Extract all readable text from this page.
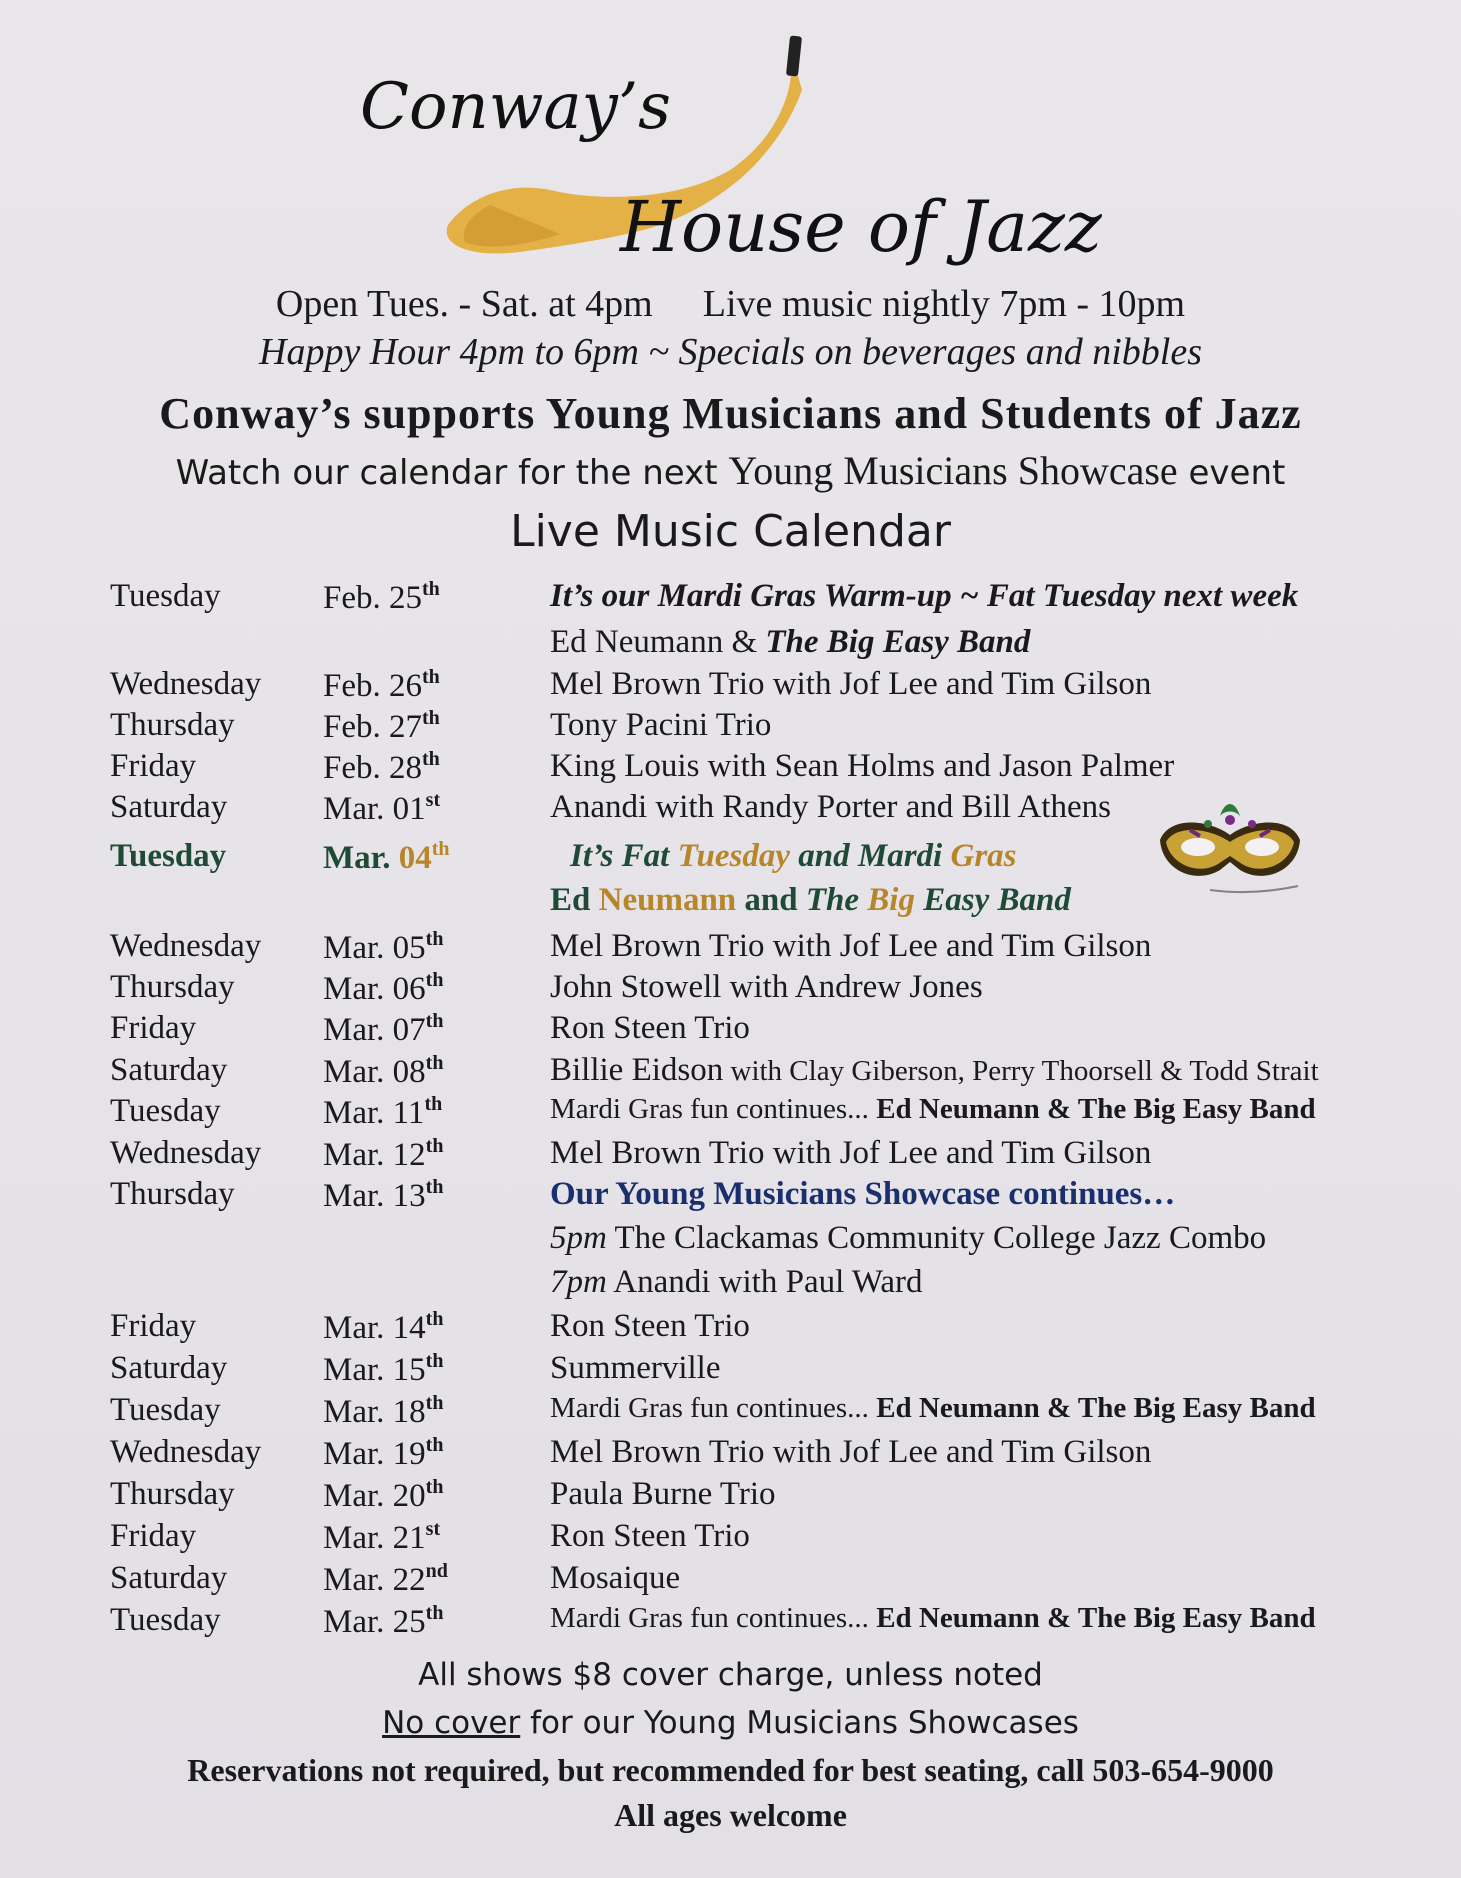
Conway’s
House of Jazz
Open Tues. - Sat. at 4pm Live music nightly 7pm - 10pm
Happy Hour 4pm to 6pm ~ Specials on beverages and nibbles
Conway’s supports Young Musicians and Students of Jazz
Watch our calendar for the next Young Musicians Showcase event
Live Music Calendar
Tuesday	Feb. 25th	It’s our Mardi Gras Warm-up ~ Fat Tuesday next week
Ed Neumann & The Big Easy Band
Wednesday Feb. 26th	Mel Brown Trio with Jof Lee and Tim Gilson
Thursday	Feb. 27th	Tony Pacini Trio
Friday	Feb. 28th	King Louis with Sean Holms and Jason Palmer
Saturday	Mar. 01st	Anandi with Randy Porter and Bill Athens
Tuesday	Mar. 04th	It’s Fat Tuesday and Mardi Gras
Ed Neumann and The Big Easy Band
Wednesday Mar. 05th	Mel Brown Trio with Jof Lee and Tim Gilson
Thursday	Mar. 06th	John Stowell with Andrew Jones
Friday	Mar. 07th	Ron Steen Trio
Saturday	Mar. 08th	Billie Eidson with Clay Giberson, Perry Thoorsell & Todd Strait
Tuesday	Mar. 11th	Mardi Gras fun continues... Ed Neumann & The Big Easy Band
Wednesday Mar. 12th	Mel Brown Trio with Jof Lee and Tim Gilson
Thursday	Mar. 13th	Our Young Musicians Showcase continues…
5pm The Clackamas Community College Jazz Combo
7pm Anandi with Paul Ward
Friday	Mar. 14th	Ron Steen Trio
Saturday	Mar. 15th	Summerville
Tuesday	Mar. 18th	Mardi Gras fun continues... Ed Neumann & The Big Easy Band
Wednesday Mar. 19th	Mel Brown Trio with Jof Lee and Tim Gilson
Thursday	Mar. 20th	Paula Burne Trio
Friday	Mar. 21st	Ron Steen Trio
Saturday	Mar. 22nd	Mosaique
Tuesday	Mar. 25th	Mardi Gras fun continues... Ed Neumann & The Big Easy Band
All shows $8 cover charge, unless noted
No cover for our Young Musicians Showcases
Reservations not required, but recommended for best seating, call 503-654-9000
All ages welcome
